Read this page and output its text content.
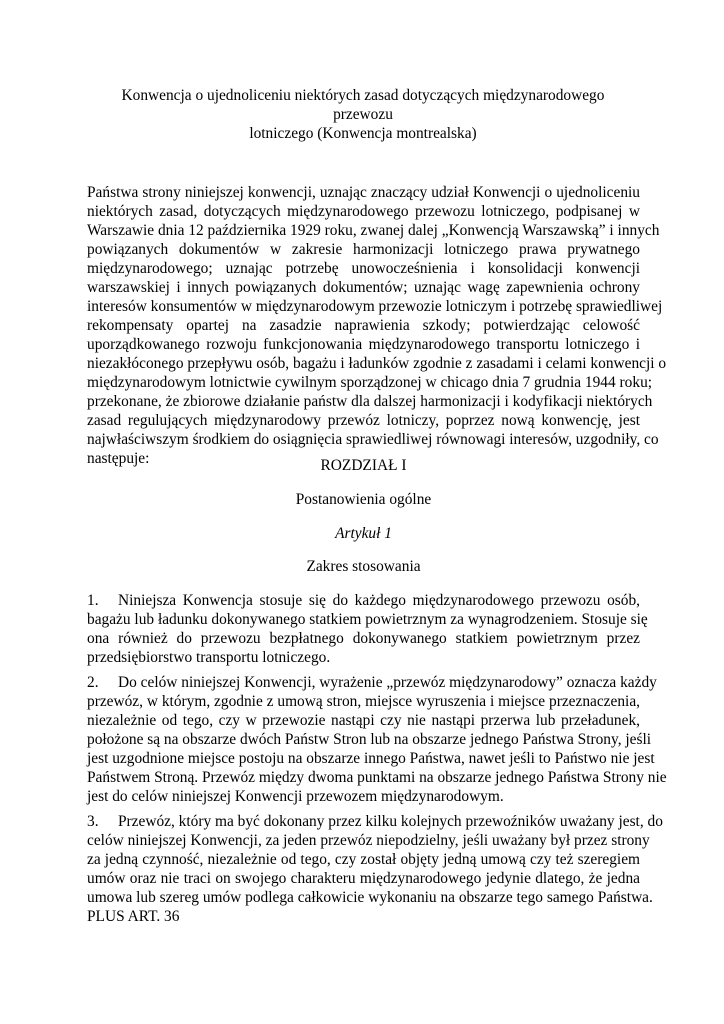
Konwencja o ujednoliceniu niektórych zasad dotyczących międzynarodowego przewozu
lotniczego (Konwencja montrealska)
Państwa strony niniejszej konwencji, uznając znaczący udział Konwencji o ujednoliceniu
niektórych zasad, dotyczących międzynarodowego przewozu lotniczego, podpisanej w
Warszawie dnia 12 października 1929 roku, zwanej dalej „Konwencją Warszawską” i innych
powiązanych dokumentów w zakresie harmonizacji lotniczego prawa prywatnego
międzynarodowego; uznając potrzebę unowocześnienia i konsolidacji konwencji
warszawskiej i innych powiązanych dokumentów; uznając wagę zapewnienia ochrony
interesów konsumentów w międzynarodowym przewozie lotniczym i potrzebę sprawiedliwej
rekompensaty opartej na zasadzie naprawienia szkody; potwierdzając celowość
uporządkowanego rozwoju funkcjonowania międzynarodowego transportu lotniczego i
niezakłóconego przepływu osób, bagażu i ładunków zgodnie z zasadami i celami konwencji o
międzynarodowym lotnictwie cywilnym sporządzonej w chicago dnia 7 grudnia 1944 roku;
przekonane, że zbiorowe działanie państw dla dalszej harmonizacji i kodyfikacji niektórych
zasad regulujących międzynarodowy przewóz lotniczy, poprzez nową konwencję, jest
najwłaściwszym środkiem do osiągnięcia sprawiedliwej równowagi interesów, uzgodniły, co
następuje:	ROZDZIAŁ I
Postanowienia ogólne
Artykuł 1
Zakres stosowania
1. Niniejsza Konwencja stosuje się do każdego międzynarodowego przewozu osób,
bagażu lub ładunku dokonywanego statkiem powietrznym za wynagrodzeniem. Stosuje się
ona również do przewozu bezpłatnego dokonywanego statkiem powietrznym przez
przedsiębiorstwo transportu lotniczego.
2. Do celów niniejszej Konwencji, wyrażenie „przewóz międzynarodowy” oznacza każdy
przewóz, w którym, zgodnie z umową stron, miejsce wyruszenia i miejsce przeznaczenia,
niezależnie od tego, czy w przewozie nastąpi czy nie nastąpi przerwa lub przeładunek,
położone są na obszarze dwóch Państw Stron lub na obszarze jednego Państwa Strony, jeśli
jest uzgodnione miejsce postoju na obszarze innego Państwa, nawet jeśli to Państwo nie jest
Państwem Stroną. Przewóz między dwoma punktami na obszarze jednego Państwa Strony nie
jest do celów niniejszej Konwencji przewozem międzynarodowym.
3. Przewóz, który ma być dokonany przez kilku kolejnych przewoźników uważany jest, do
celów niniejszej Konwencji, za jeden przewóz niepodzielny, jeśli uważany był przez strony
za jedną czynność, niezależnie od tego, czy został objęty jedną umową czy też szeregiem
umów oraz nie traci on swojego charakteru międzynarodowego jedynie dlatego, że jedna
umowa lub szereg umów podlega całkowicie wykonaniu na obszarze tego samego Państwa.
PLUS ART. 36
